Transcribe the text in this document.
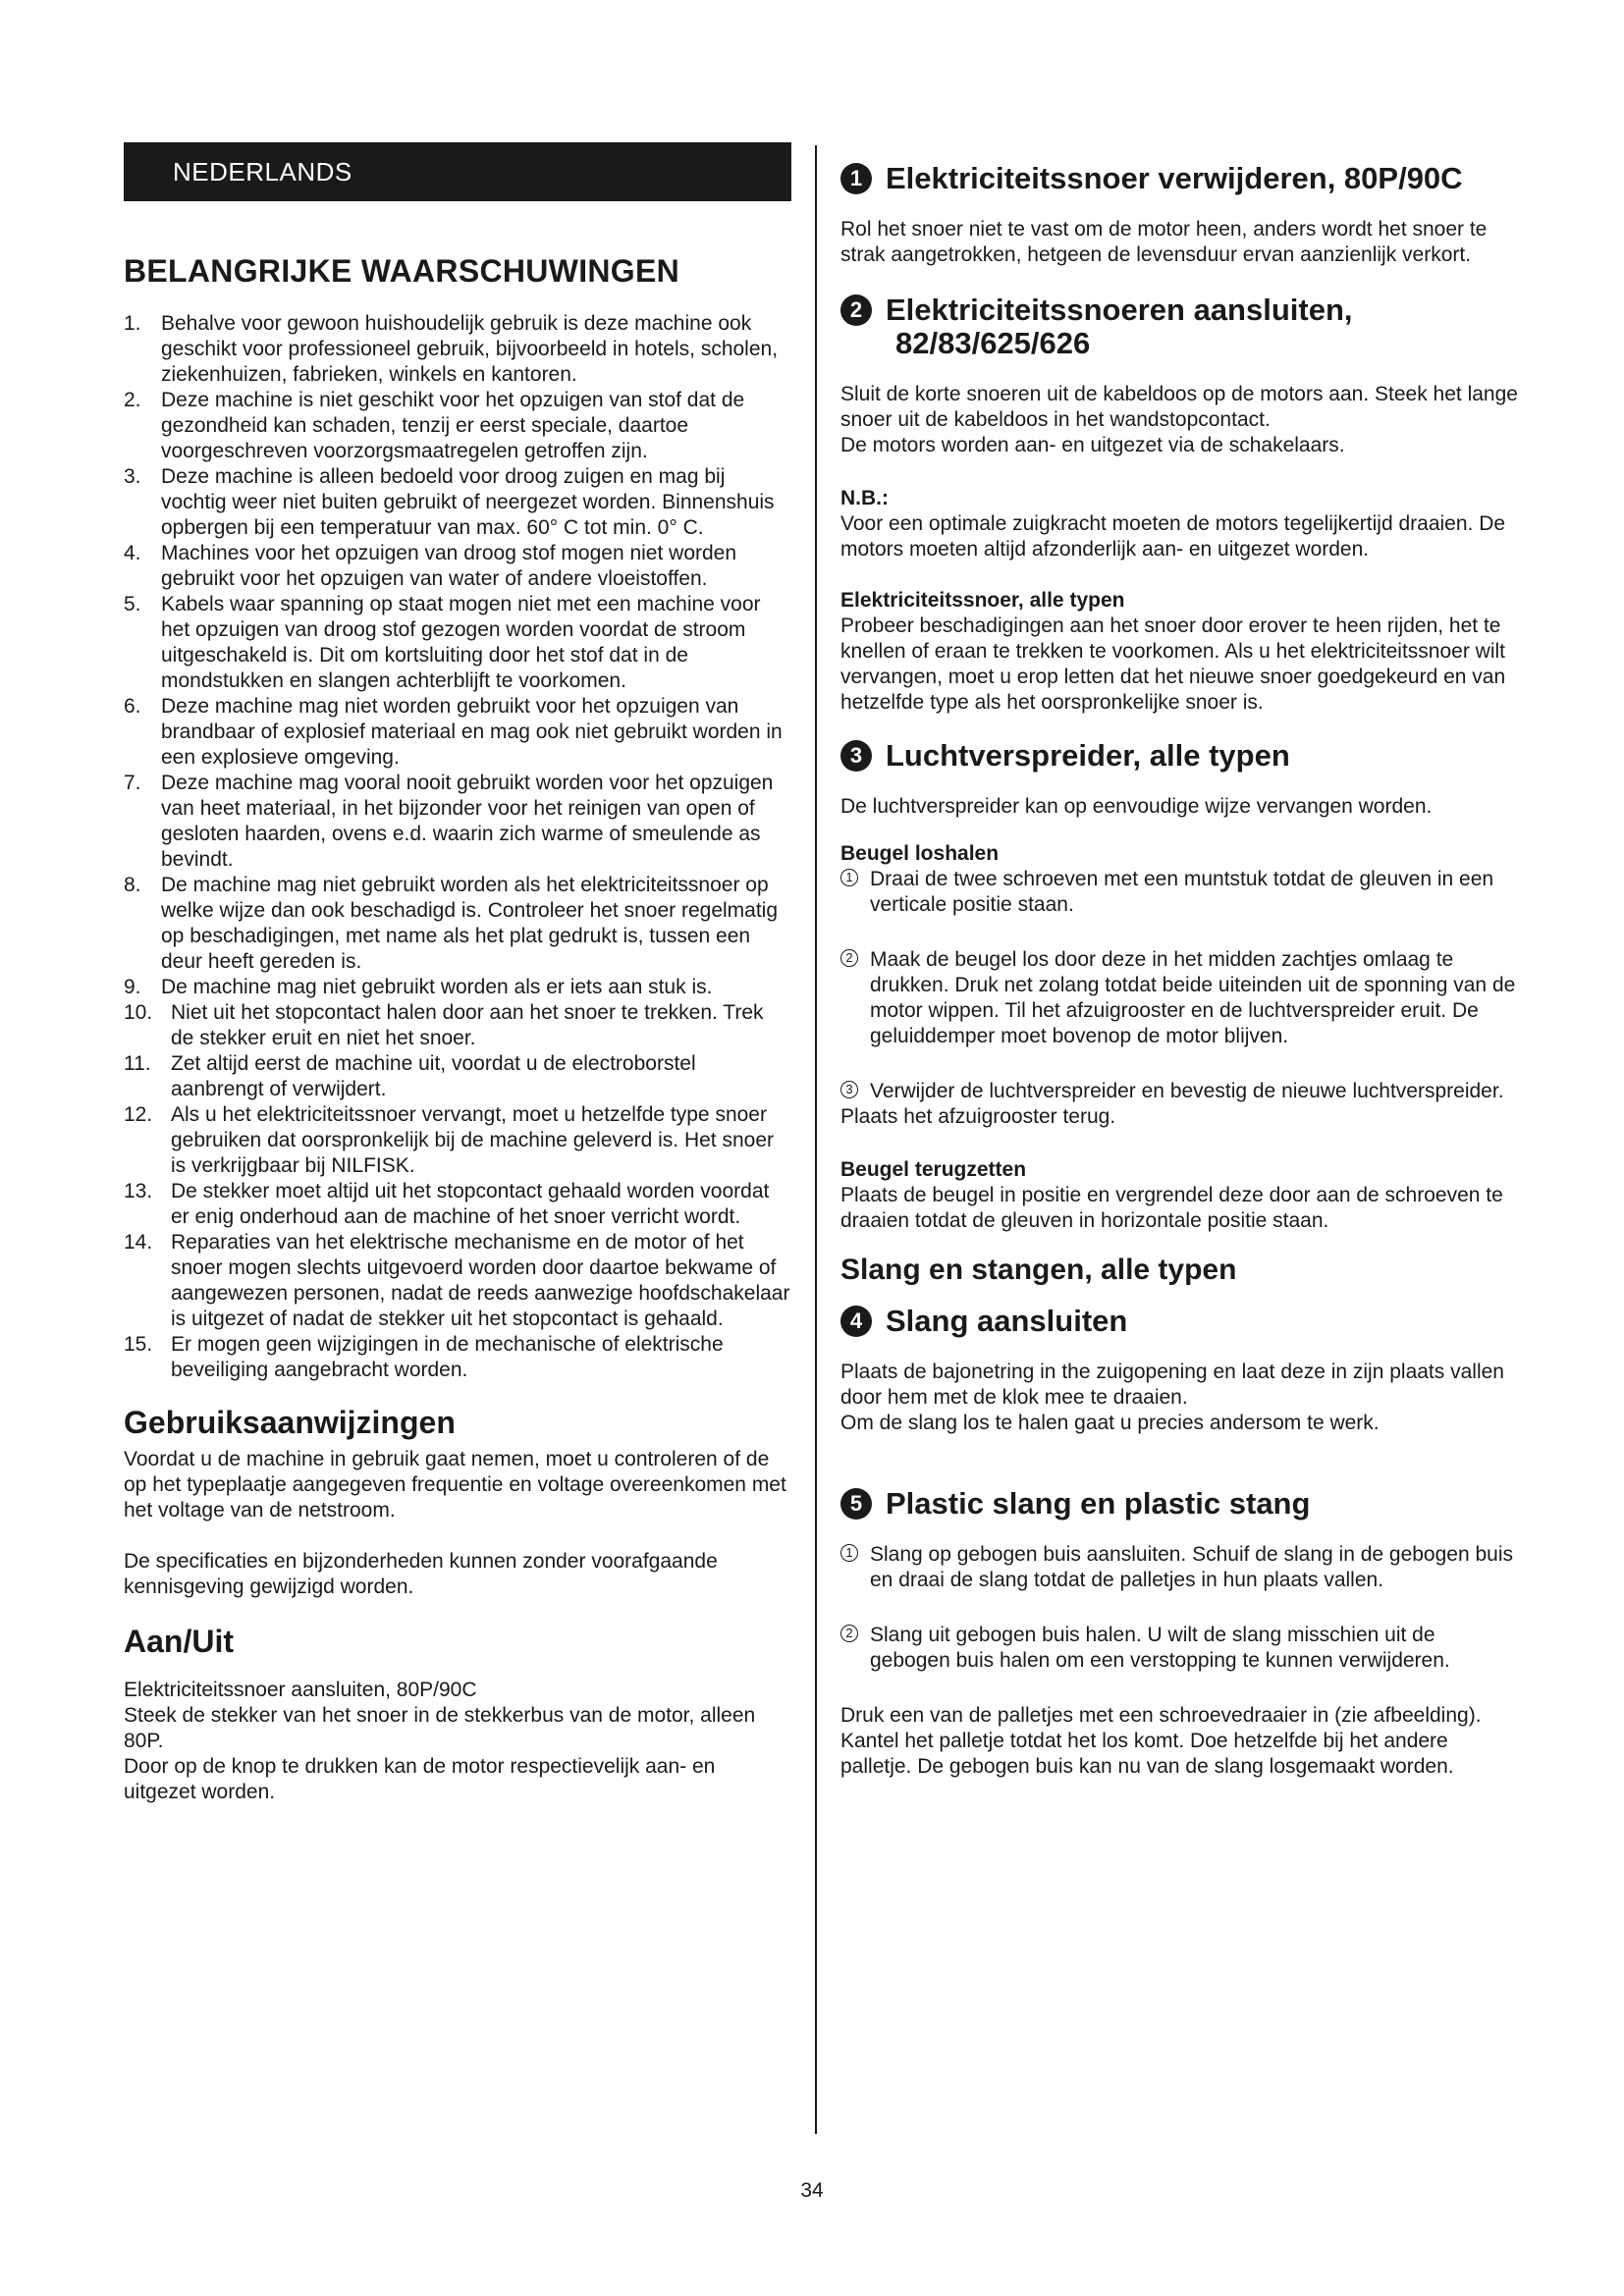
NEDERLANDS
BELANGRIJKE WAARSCHUWINGEN
1. Behalve voor gewoon huishoudelijk gebruik is deze machine ook geschikt voor professioneel gebruik, bijvoorbeeld in hotels, scholen, ziekenhuizen, fabrieken, winkels en kantoren.
2. Deze machine is niet geschikt voor het opzuigen van stof dat de gezondheid kan schaden, tenzij er eerst speciale, daartoe voorgeschreven voorzorgsmaatregelen getroffen zijn.
3. Deze machine is alleen bedoeld voor droog zuigen en mag bij vochtig weer niet buiten gebruikt of neergezet worden. Binnenshuis opbergen bij een temperatuur van max. 60° C tot min. 0° C.
4. Machines voor het opzuigen van droog stof mogen niet worden gebruikt voor het opzuigen van water of andere vloeistoffen.
5. Kabels waar spanning op staat mogen niet met een machine voor het opzuigen van droog stof gezogen worden voordat de stroom uitgeschakeld is. Dit om kortsluiting door het stof dat in de mondstukken en slangen achterblijft te voorkomen.
6. Deze machine mag niet worden gebruikt voor het opzuigen van brandbaar of explosief materiaal en mag ook niet gebruikt worden in een explosieve omgeving.
7. Deze machine mag vooral nooit gebruikt worden voor het opzuigen van heet materiaal, in het bijzonder voor het reinigen van open of gesloten haarden, ovens e.d. waarin zich warme of smeulende as bevindt.
8. De machine mag niet gebruikt worden als het elektriciteitssnoer op welke wijze dan ook beschadigd is. Controleer het snoer regelmatig op beschadigingen, met name als het plat gedrukt is, tussen een deur heeft gereden is.
9. De machine mag niet gebruikt worden als er iets aan stuk is.
10. Niet uit het stopcontact halen door aan het snoer te trekken. Trek de stekker eruit en niet het snoer.
11. Zet altijd eerst de machine uit, voordat u de electroborstel aanbrengt of verwijdert.
12. Als u het elektriciteitssnoer vervangt, moet u hetzelfde type snoer gebruiken dat oorspronkelijk bij de machine geleverd is. Het snoer is verkrijgbaar bij NILFISK.
13. De stekker moet altijd uit het stopcontact gehaald worden voordat er enig onderhoud aan de machine of het snoer verricht wordt.
14. Reparaties van het elektrische mechanisme en de motor of het snoer mogen slechts uitgevoerd worden door daartoe bekwame of aangewezen personen, nadat de reeds aanwezige hoofdschakelaar is uitgezet of nadat de stekker uit het stopcontact is gehaald.
15. Er mogen geen wijzigingen in de mechanische of elektrische beveiliging aangebracht worden.
Gebruiksaanwijzingen

Voordat u de machine in gebruik gaat nemen, moet u controleren of de op het typeplaatje aangegeven frequentie en voltage overeenkomen met het voltage van de netstroom.

De specificaties en bijzonderheden kunnen zonder voorafgaande kennisgeving gewijzigd worden.

Aan/Uit

Elektriciteitssnoer aansluiten, 80P/90C

Steek de stekker van het snoer in de stekkerbus van de motor, alleen 80P.

Door op de knop te drukken kan de motor respectievelijk aan- en uitgezet worden.

1 Elektriciteitssnoer verwijderen, 80P/90C

Rol het snoer niet te vast om de motor heen, anders wordt het snoer te strak aangetrokken, hetgeen de levensduur ervan aanzienlijk verkort.

2 Elektriciteitssnoeren aansluiten,
82/83/625/626

Sluit de korte snoeren uit de kabeldoos op de motors aan. Steek het lange snoer uit de kabeldoos in het wandstopcontact.

De motors worden aan- en uitgezet via de schakelaars.

N.B.:

Voor een optimale zuigkracht moeten de motors tegelijkertijd draaien. De motors moeten altijd afzonderlijk aan- en uitgezet worden.

Elektriciteitssnoer, alle typen

Probeer beschadigingen aan het snoer door erover te heen rijden, het te knellen of eraan te trekken te voorkomen. Als u het elektriciteitssnoer wilt vervangen, moet u erop letten dat het nieuwe snoer goedgekeurd en van hetzelfde type als het oorspronkelijke snoer is.

3 Luchtverspreider, alle typen

De luchtverspreider kan op eenvoudige wijze vervangen worden.

Beugel loshalen
1 Draai de twee schroeven met een muntstuk totdat de gleuven in een verticale positie staan.
2 Maak de beugel los door deze in het midden zachtjes omlaag te drukken. Druk net zolang totdat beide uiteinden uit de sponning van de motor wippen. Til het afzuigrooster en de luchtverspreider eruit. De geluiddemper moet bovenop de motor blijven.
3 Verwijder de luchtverspreider en bevestig de nieuwe luchtverspreider.

Plaats het afzuigrooster terug.

Beugel terugzetten

Plaats de beugel in positie en vergrendel deze door aan de schroeven te draaien totdat de gleuven in horizontale positie staan.

Slang en stangen, alle typen
4 Slang aansluiten

Plaats de bajonetring in the zuigopening en laat deze in zijn plaats vallen door hem met de klok mee te draaien.

Om de slang los te halen gaat u precies andersom te werk.

5 Plastic slang en plastic stang
1 Slang op gebogen buis aansluiten. Schuif de slang in de gebogen buis en draai de slang totdat de palletjes in hun plaats vallen.
2 Slang uit gebogen buis halen. U wilt de slang misschien uit de gebogen buis halen om een verstopping te kunnen verwijderen.

Druk een van de palletjes met een schroevedraaier in (zie afbeelding). Kantel het palletje totdat het los komt. Doe hetzelfde bij het andere palletje. De gebogen buis kan nu van de slang losgemaakt worden.

34
